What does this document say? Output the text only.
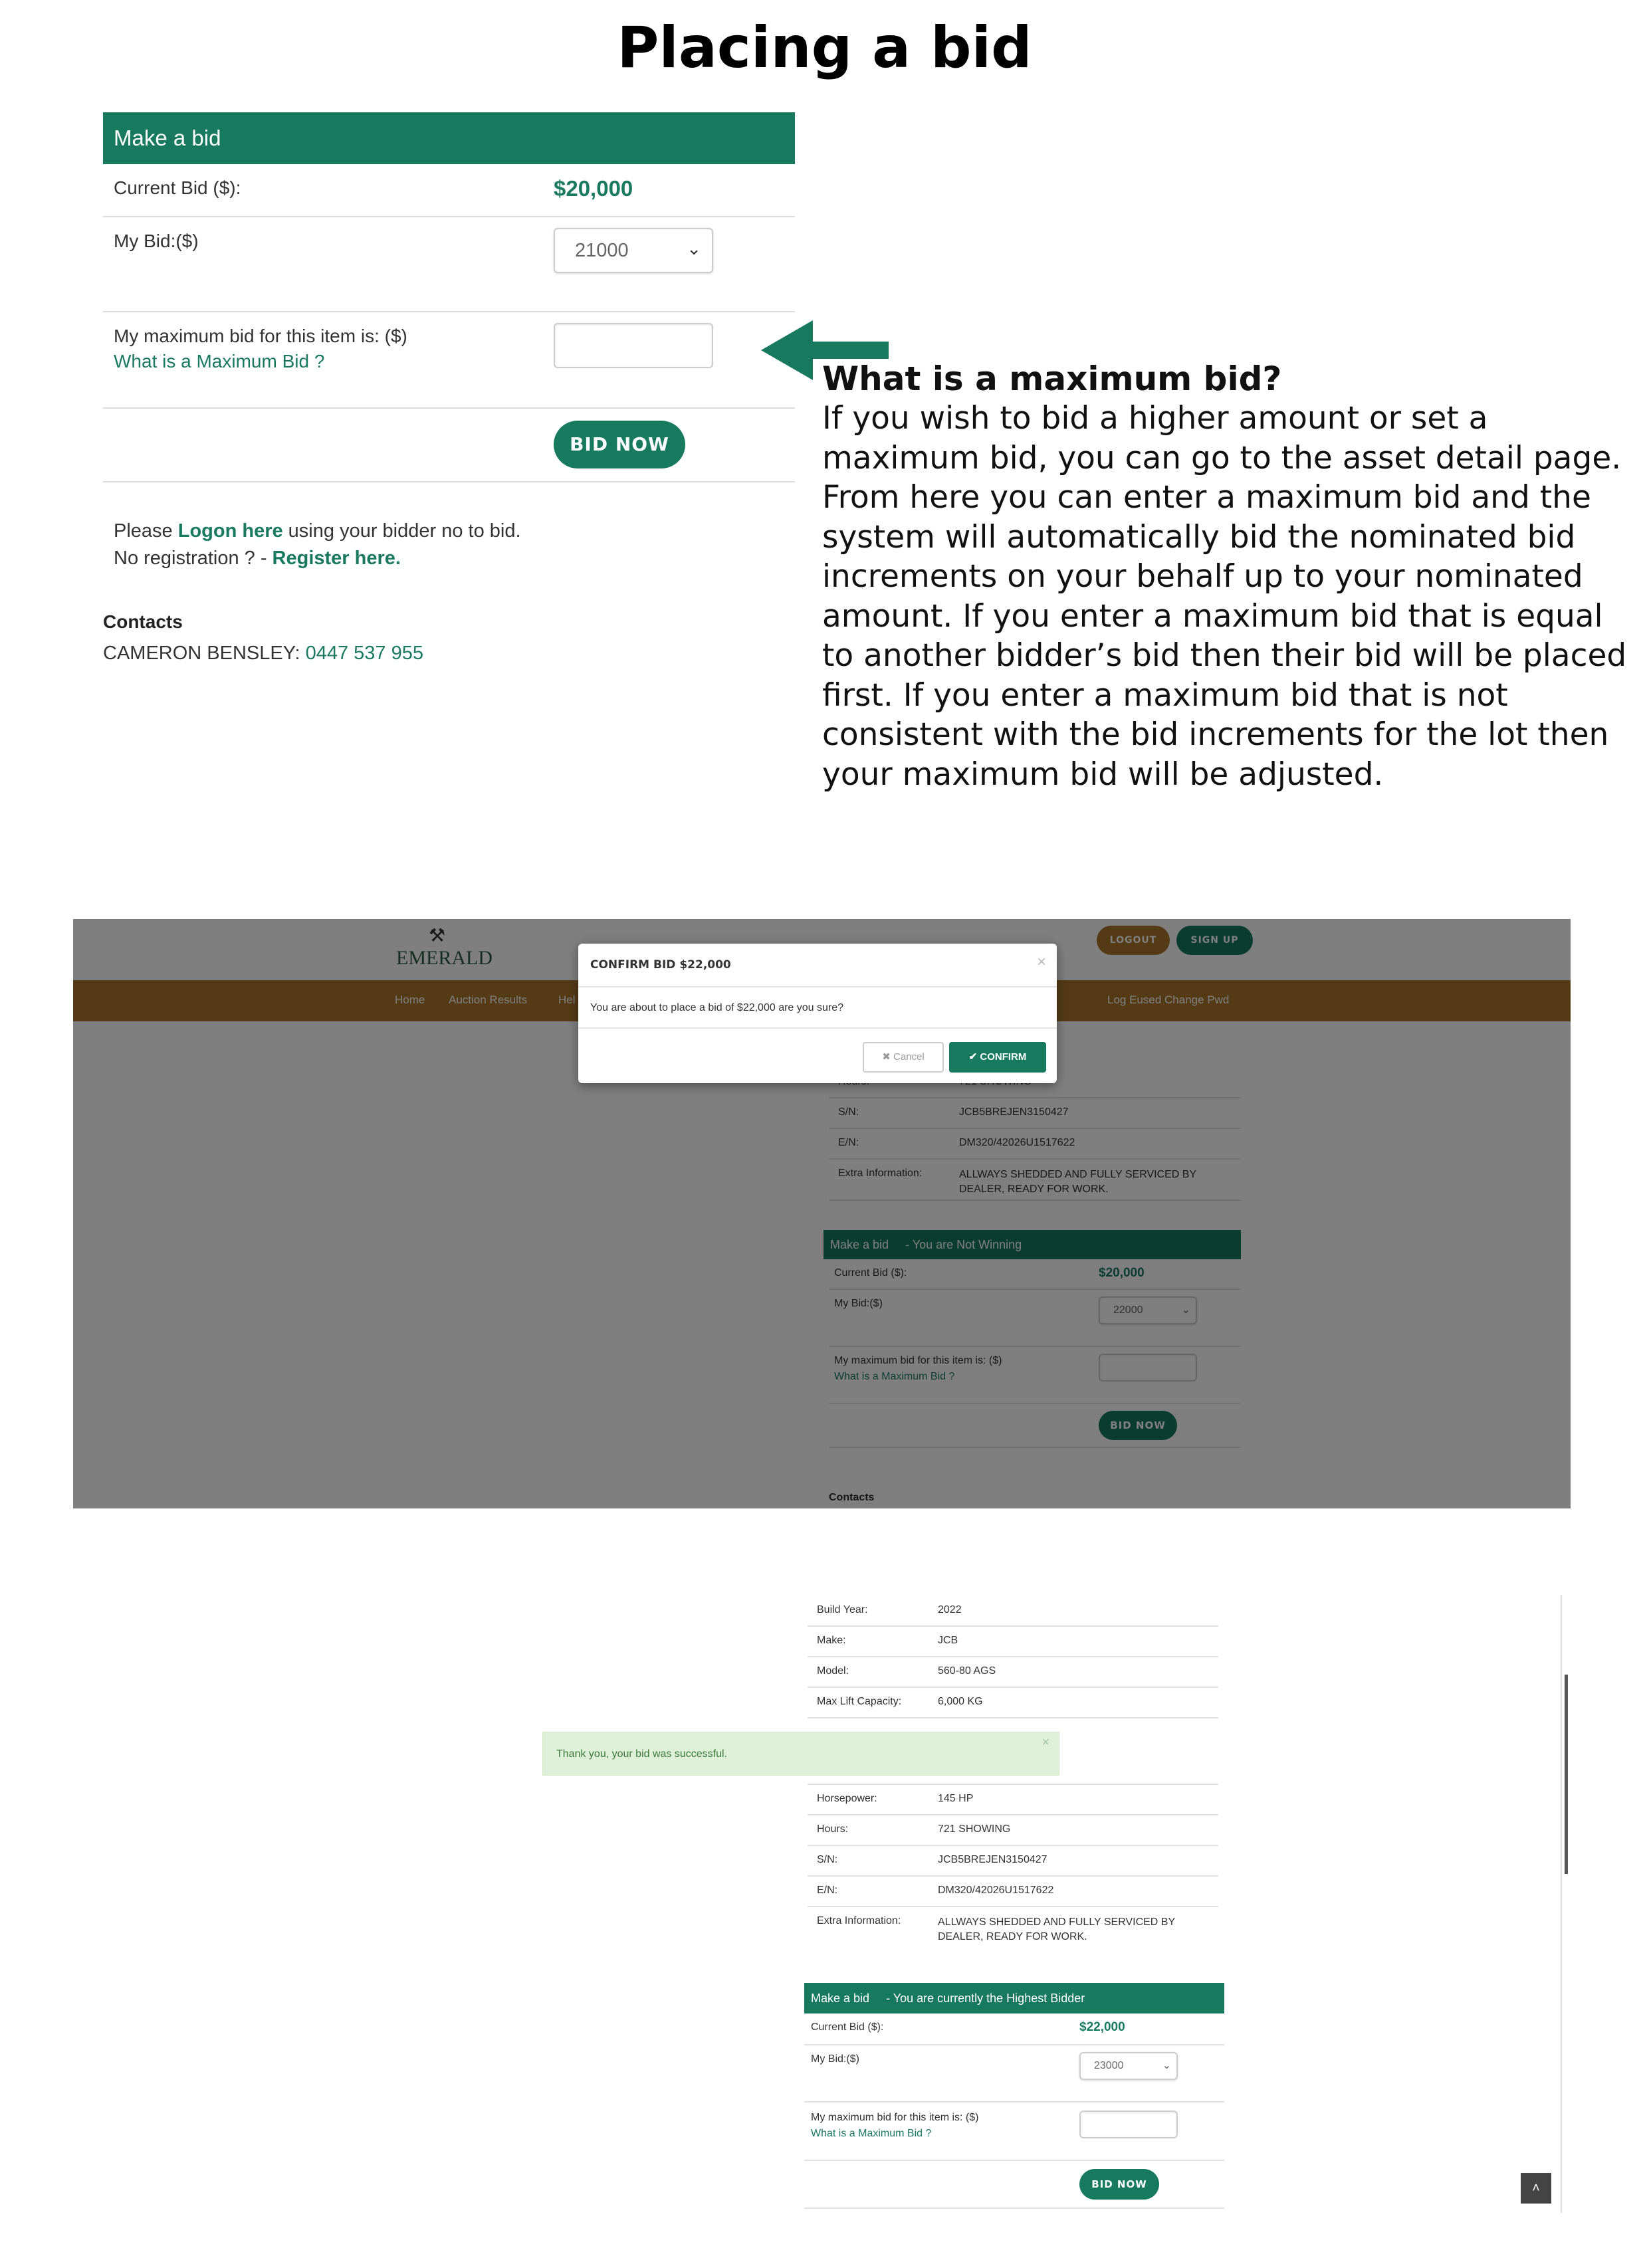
Placing a bid
Make a bid
Current Bid ($):	$20,000
My Bid:($)	21000	⌄
My maximum bid for this item is: ($)
What is a Maximum Bid ?
BID NOW
Please Logon here using your bidder no to bid.
No registration ? - Register here.
Contacts
CAMERON BENSLEY: 0447 537 955
What is a maximum bid?

If you wish to bid a higher amount or set a maximum bid, you can go to the asset detail page. From here you can enter a maximum bid and the system will automatically bid the nominated bid increments on your behalf up to your nominated amount. If you enter a maximum bid that is equal to another bidder’s bid then their bid will be placed first. If you enter a maximum bid that is not consistent with the bid increments for the lot then your maximum bid will be adjusted.

CONFIRM BID $22,000	×
You are about to place a bid of $22,000 are you sure?
✖ Cancel	✔ CONFIRM
Build Year:	2022
Make:	JCB
Model:	560-80 AGS
Max Lift Capacity:	6,000 KG
Thank you, your bid was successful.
×
Horsepower:	145 HP
Hours:	721 SHOWING
S/N:	JCB5BREJEN3150427
E/N:	DM320/42026U1517622
Extra Information:	ALLWAYS SHEDDED AND FULLY SERVICED BY DEALER, READY FOR WORK.
Make a bid - You are currently the Highest Bidder
Current Bid ($):	$22,000
My Bid:($)
23000	⌄
My maximum bid for this item is: ($)
What is a Maximum Bid ?
BID NOW	˄
